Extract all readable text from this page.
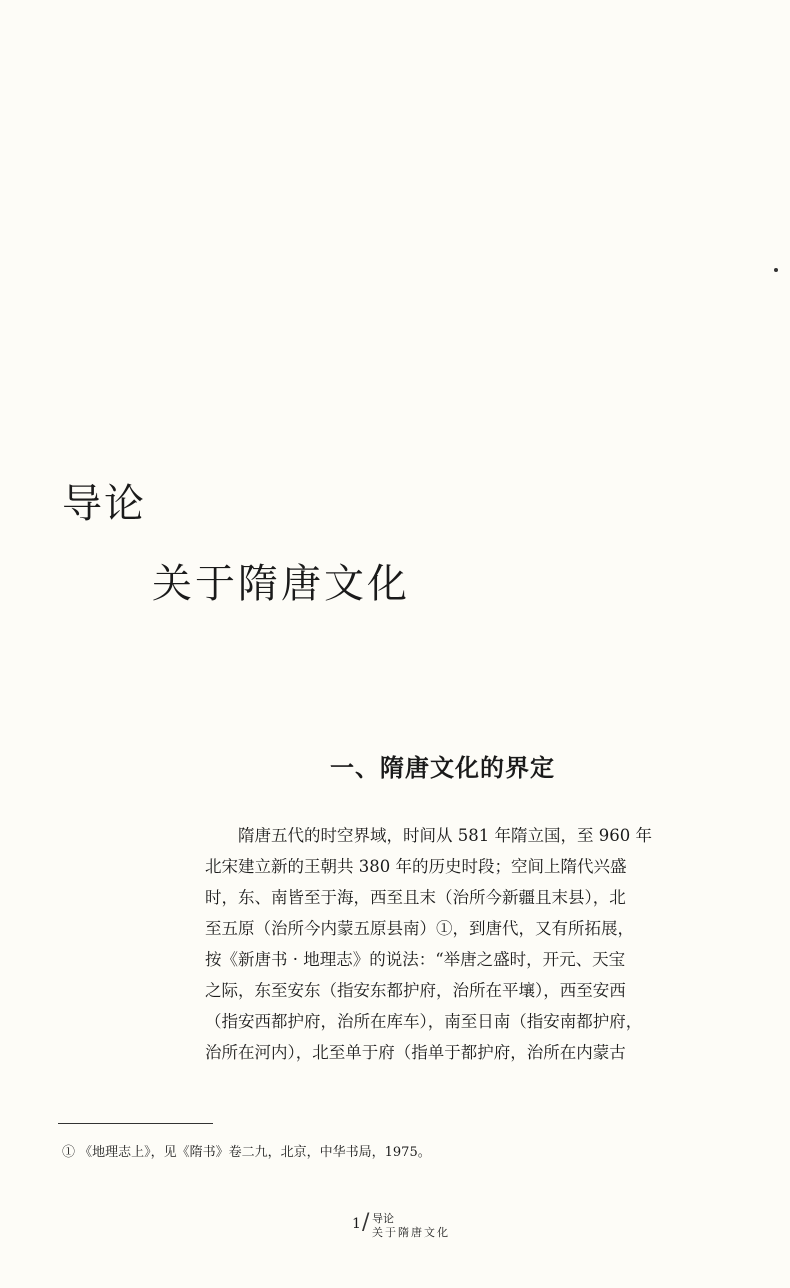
导论
关于隋唐文化
一、隋唐文化的界定
隋唐五代的时空界域，时间从 581 年隋立国，至 960 年
北宋建立新的王朝共 380 年的历史时段；空间上隋代兴盛
时，东、南皆至于海，西至且末（治所今新疆且末县），北
至五原（治所今内蒙五原县南）①，到唐代，又有所拓展，
按《新唐书 · 地理志》的说法：“举唐之盛时，开元、天宝
之际，东至安东（指安东都护府，治所在平壤），西至安西
（指安西都护府，治所在库车），南至日南（指安南都护府，
治所在河内），北至单于府（指单于都护府，治所在内蒙古

① 《地理志上》，见《隋书》卷二九，北京，中华书局，1975。

1 / 导论
关于隋唐文化
